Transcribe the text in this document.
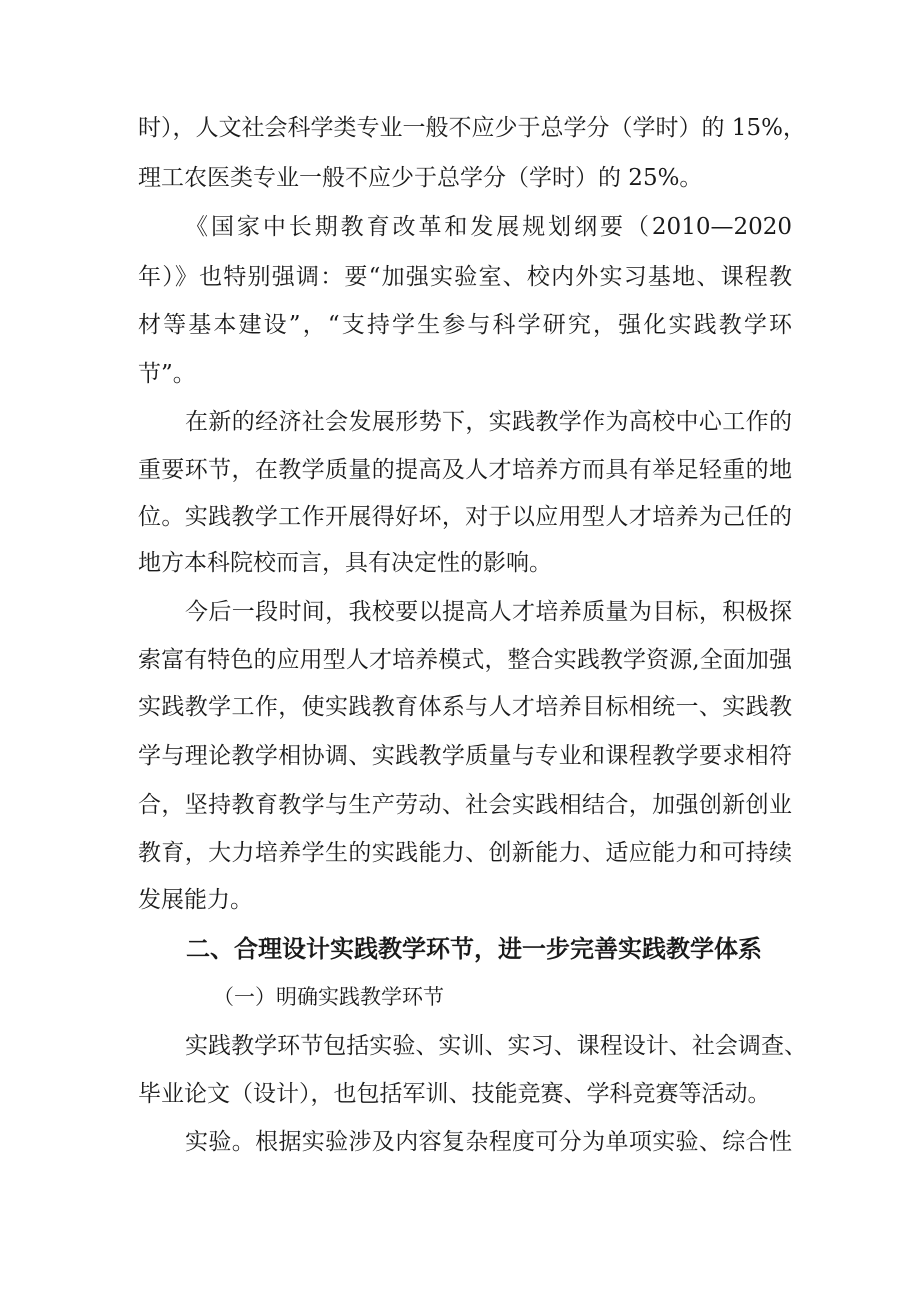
时），人文社会科学类专业一般不应少于总学分（学时）的 15%，
理工农医类专业一般不应少于总学分（学时）的 25%。
《国家中长期教育改革和发展规划纲要（2010—2020
年）》也特别强调：要“加强实验室、校内外实习基地、课程教
材等基本建设”，“支持学生参与科学研究，强化实践教学环
节”。
在新的经济社会发展形势下，实践教学作为高校中心工作的
重要环节，在教学质量的提高及人才培养方而具有举足轻重的地
位。实践教学工作开展得好坏，对于以应用型人才培养为己任的
地方本科院校而言，具有决定性的影响。
今后一段时间，我校要以提高人才培养质量为目标，积极探
索富有特色的应用型人才培养模式，整合实践教学资源,全面加强
实践教学工作，使实践教育体系与人才培养目标相统一、实践教
学与理论教学相协调、实践教学质量与专业和课程教学要求相符
合，坚持教育教学与生产劳动、社会实践相结合，加强创新创业
教育，大力培养学生的实践能力、创新能力、适应能力和可持续
发展能力。
二、合理设计实践教学环节，进一步完善实践教学体系
（一）明确实践教学环节
实践教学环节包括实验、实训、实习、课程设计、社会调查、
毕业论文（设计），也包括军训、技能竞赛、学科竞赛等活动。
实验。根据实验涉及内容复杂程度可分为单项实验、综合性
